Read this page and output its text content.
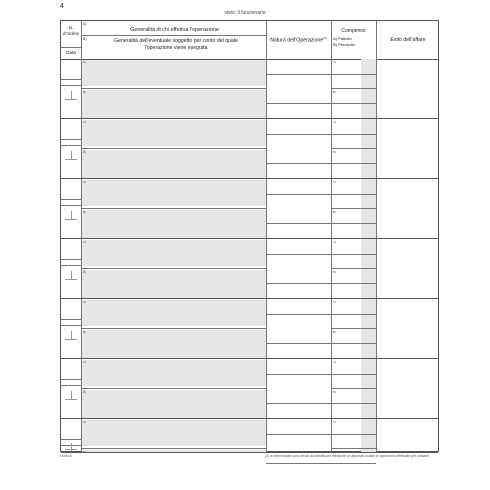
4
visto: il funzionario
N. d'ordine
Data
A)
B)
Generalità di chi effettua l'operazione
Generalità dell'eventuale soggetto per conto del quale l'operazione viene eseguita
Natura dell'Operazione$^{(1)}$
Compenso
A) Pattuito
B) Percepito
Esito dell'affare
A)
B)
A)
B)
A)
B)
A)
B)
A)
B)
A)
B)
A)
B)
A)
B)
A)
B)
A)
B)
A)
B)
A)
B)
A)
B)
A)
B)
1548.00	(1) le intermediari sono tenuti ad identificare mediante un apposito codice le operazioni effettuate per contanti
